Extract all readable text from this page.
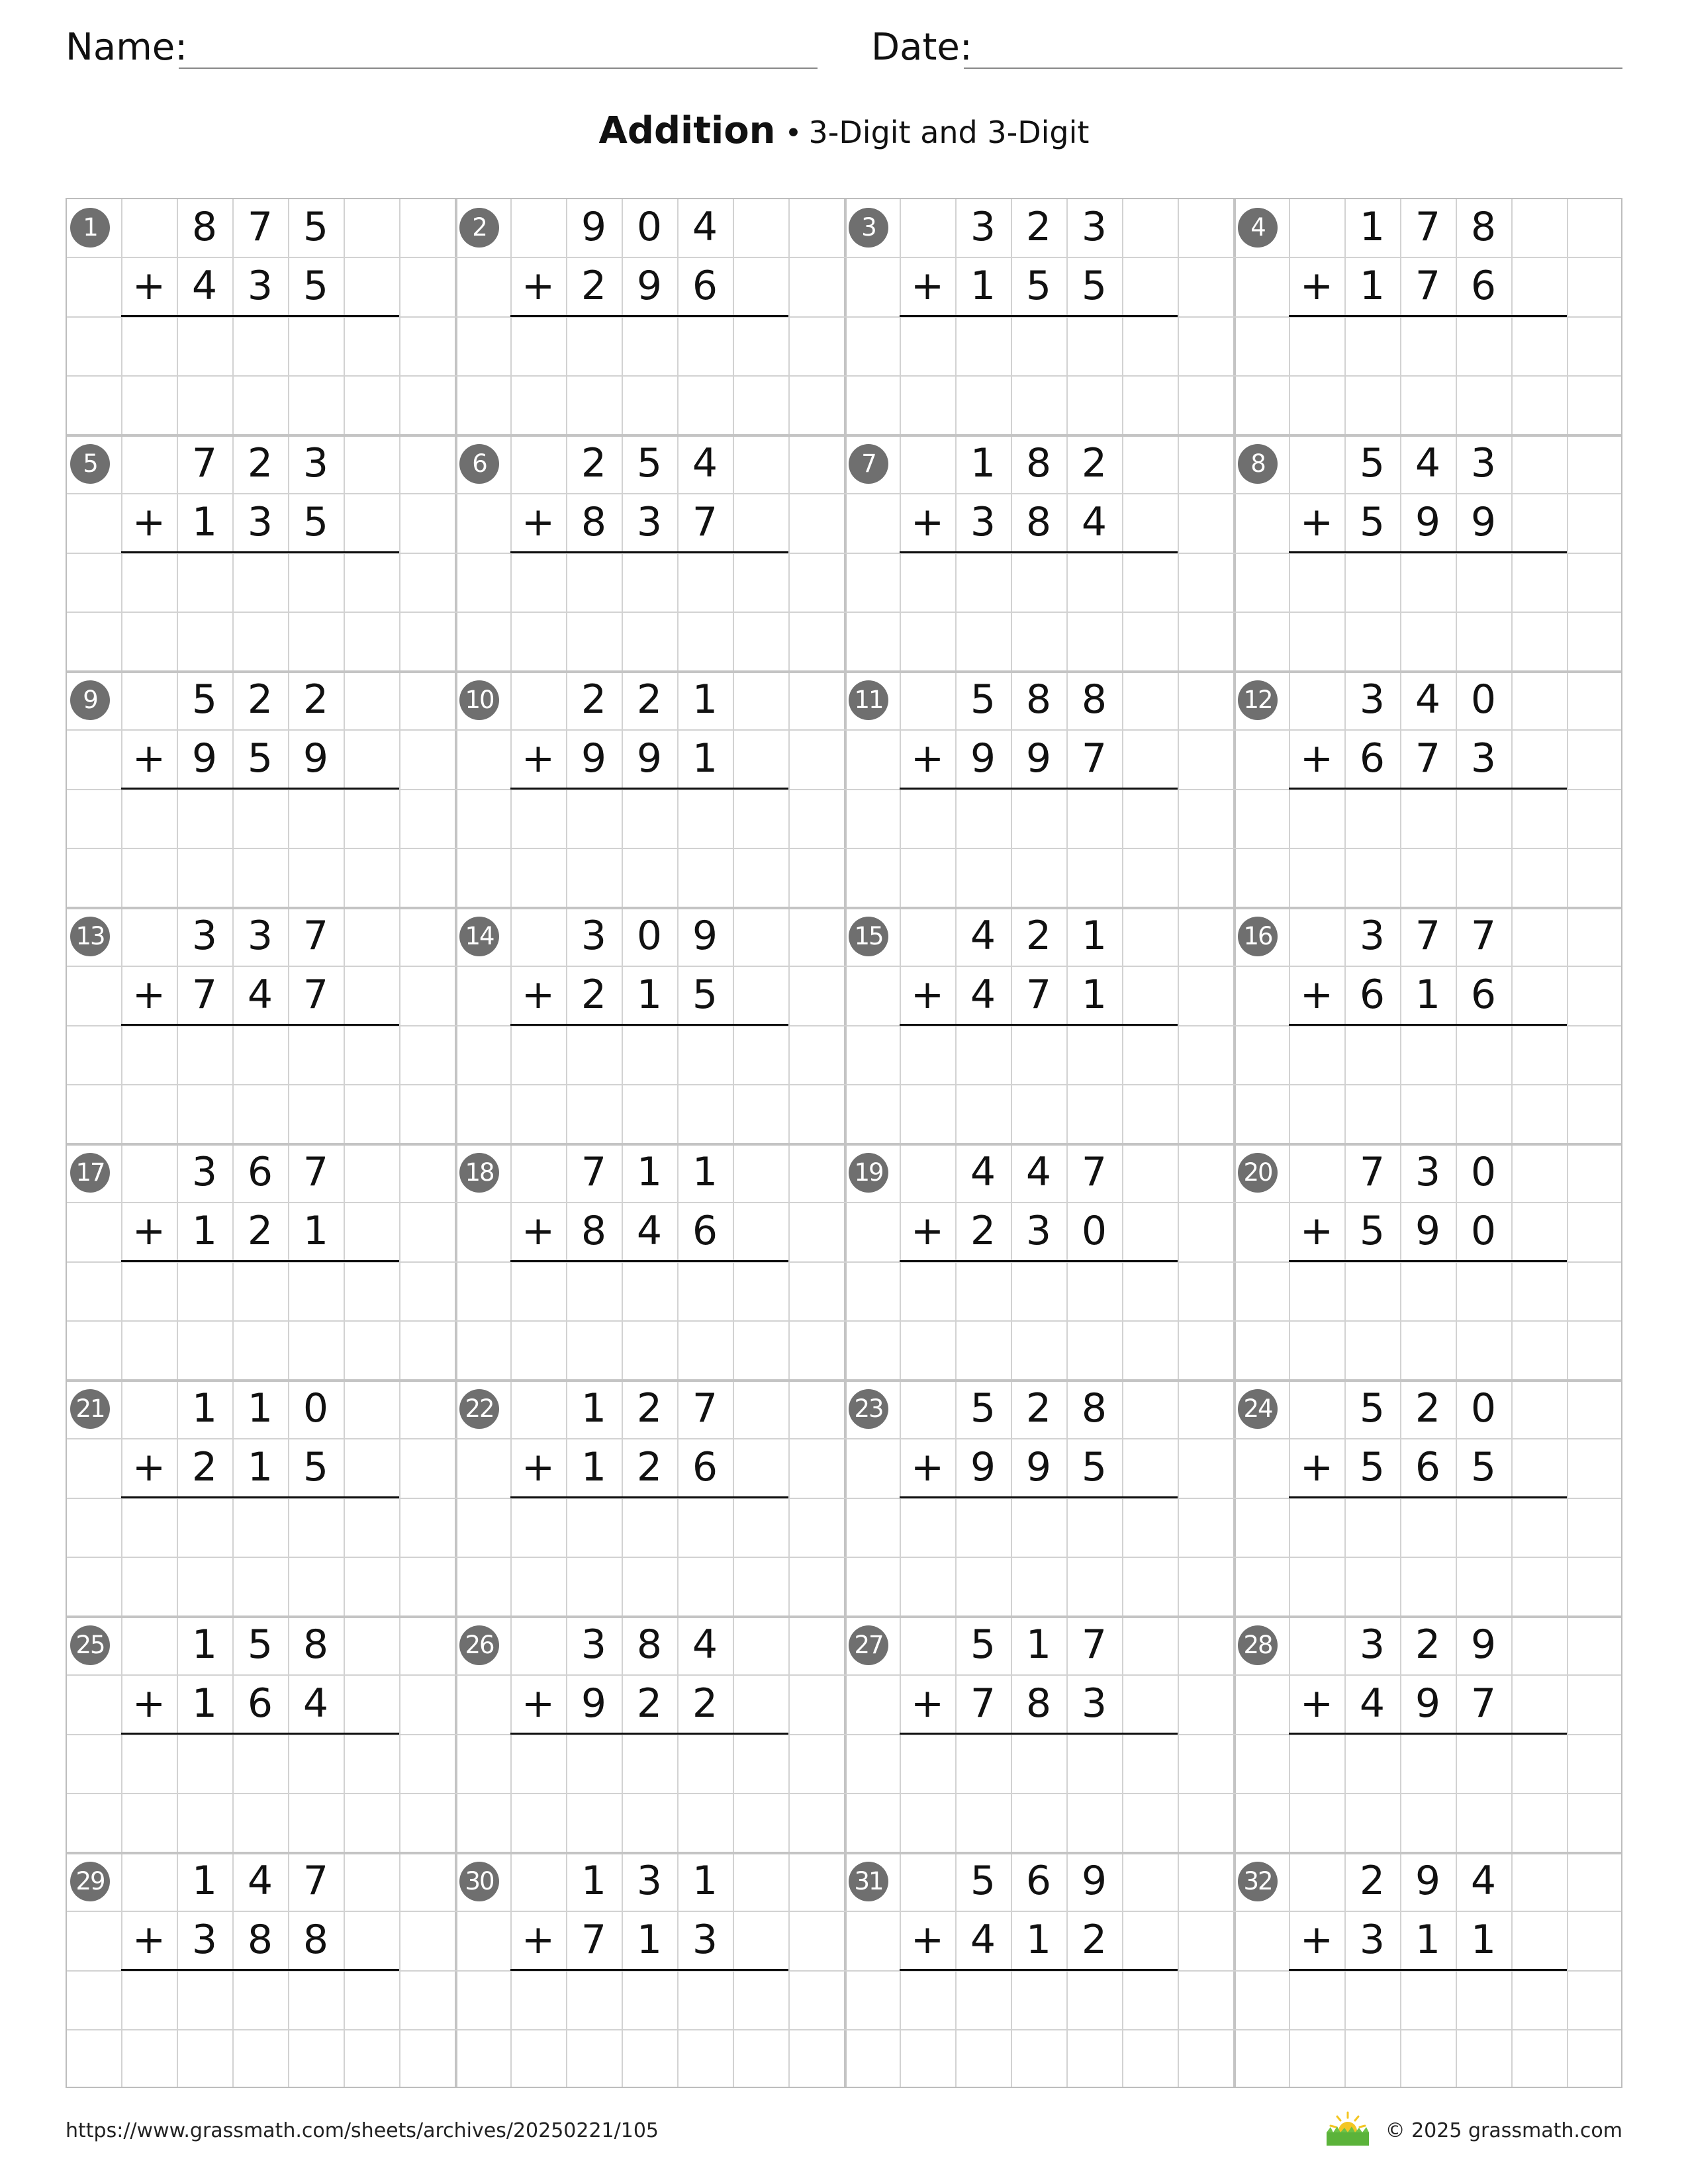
Name:	Date:
Addition • 3-Digit and 3-Digit
1	8 7 5
+ 4 3 5
2	9 0 4
+ 2 9 6
3	3 2 3
+ 1 5 5
4	1 7 8
+ 1 7 6
5	7 2 3
+ 1 3 5
6	2 5 4
+ 8 3 7
7	1 8 2
+ 3 8 4
8	5 4 3
+ 5 9 9
9	5 2 2
+ 9 5 9
10	2 2 1
+ 9 9 1
11	5 8 8
+ 9 9 7
12	3 4 0
+ 6 7 3
13	3 3 7
+ 7 4 7
14	3 0 9
+ 2 1 5
15	4 2 1
+ 4 7 1
16	3 7 7
+ 6 1 6
17	3 6 7
+ 1 2 1
18	7 1 1
+ 8 4 6
19	4 4 7
+ 2 3 0
20	7 3 0
+ 5 9 0
21	1 1 0
+ 2 1 5
22	1 2 7
+ 1 2 6
23	5 2 8
+ 9 9 5
24	5 2 0
+ 5 6 5
25	1 5 8
+ 1 6 4
26	3 8 4
+ 9 2 2
27	5 1 7
+ 7 8 3
28	3 2 9
+ 4 9 7
29	1 4 7
+ 3 8 8
30	1 3 1
+ 7 1 3
31	5 6 9
+ 4 1 2
32	2 9 4
+ 3 1 1
https://www.grassmath.com/sheets/archives/20250221/105	© 2025 grassmath.com
